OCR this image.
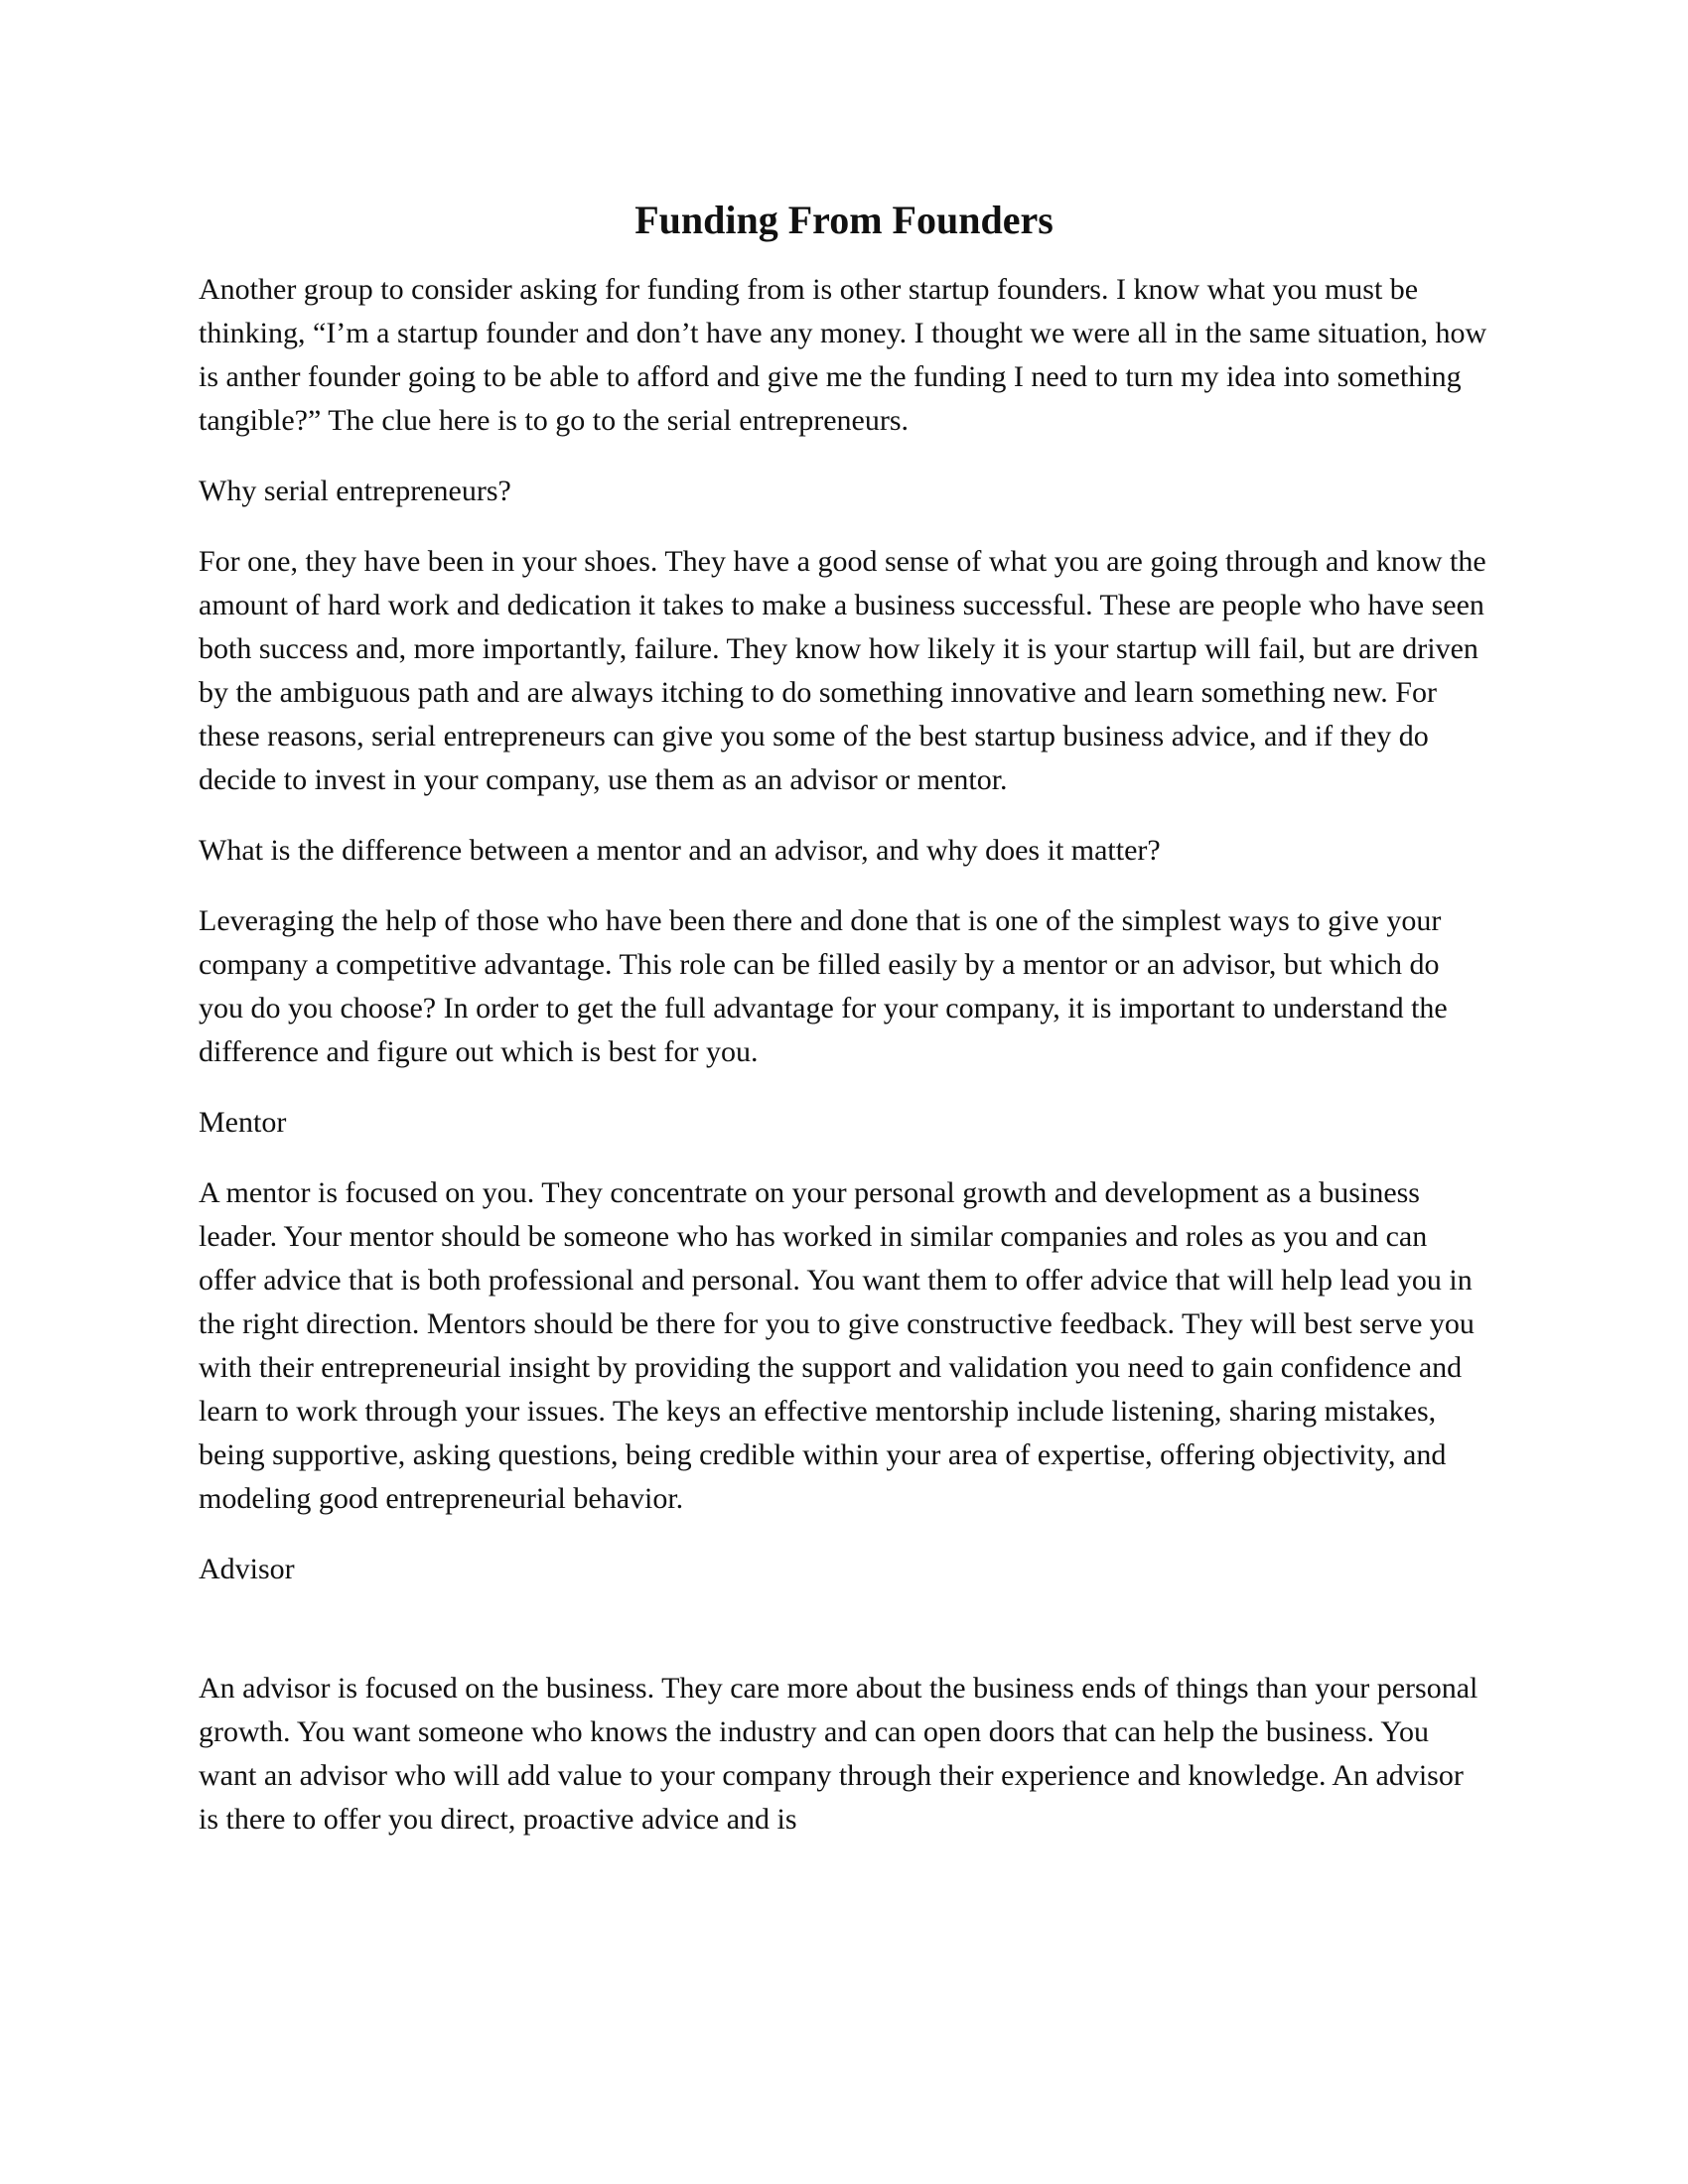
Funding From Founders

Another group to consider asking for funding from is other startup founders. I know what you must be thinking, “I’m a startup founder and don’t have any money. I thought we were all in the same situation, how is anther founder going to be able to afford and give me the funding I need to turn my idea into something tangible?” The clue here is to go to the serial entrepreneurs.

Why serial entrepreneurs?

For one, they have been in your shoes. They have a good sense of what you are going through and know the amount of hard work and dedication it takes to make a business successful. These are people who have seen both success and, more importantly, failure. They know how likely it is your startup will fail, but are driven by the ambiguous path and are always itching to do something innovative and learn something new. For these reasons, serial entrepreneurs can give you some of the best startup business advice, and if they do decide to invest in your company, use them as an advisor or mentor.

What is the difference between a mentor and an advisor, and why does it matter?

Leveraging the help of those who have been there and done that is one of the simplest ways to give your company a competitive advantage. This role can be filled easily by a mentor or an advisor, but which do you do you choose? In order to get the full advantage for your company, it is important to understand the difference and figure out which is best for you.

Mentor

A mentor is focused on you. They concentrate on your personal growth and development as a business leader. Your mentor should be someone who has worked in similar companies and roles as you and can offer advice that is both professional and personal. You want them to offer advice that will help lead you in the right direction. Mentors should be there for you to give constructive feedback. They will best serve you with their entrepreneurial insight by providing the support and validation you need to gain confidence and learn to work through your issues. The keys an effective mentorship include listening, sharing mistakes, being supportive, asking questions, being credible within your area of expertise, offering objectivity, and modeling good entrepreneurial behavior.

Advisor

An advisor is focused on the business. They care more about the business ends of things than your personal growth. You want someone who knows the industry and can open doors that can help the business. You want an advisor who will add value to your company through their experience and knowledge. An advisor is there to offer you direct, proactive advice and is
